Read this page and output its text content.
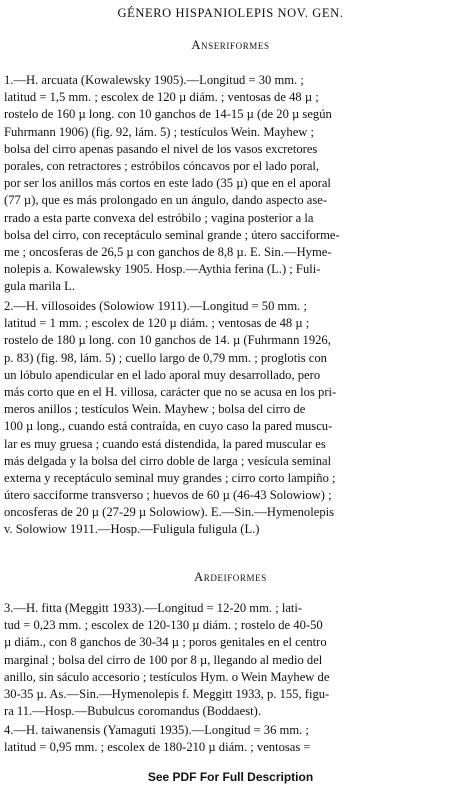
GÉNERO HISPANIOLEPIS NOV. GEN.
Anseriformes
1.—H. arcuata (Kowalewsky 1905).—Longitud = 30 mm. ;
latitud = 1,5 mm. ; escolex de 120 µ diám. ; ventosas de 48 µ ;
rostelo de 160 µ long. con 10 ganchos de 14-15 µ (de 20 µ según
Fuhrmann 1906) (fig. 92, lám. 5) ; testículos Wein. Mayhew ;
bolsa del cirro apenas pasando el nivel de los vasos excretores
porales, con retractores ; estróbilos cóncavos por el lado poral,
por ser los anillos más cortos en este lado (35 µ) que en el aporal
(77 µ), que es más prolongado en un ángulo, dando aspecto ase-
rrado a esta parte convexa del estróbilo ; vagina posterior a la
bolsa del cirro, con receptáculo seminal grande ; útero sacciforme-
me ; oncosferas de 26,5 µ con ganchos de 8,8 µ. E. Sin.—Hyme-
nolepis a. Kowalewsky 1905. Hosp.—Aythia ferina (L.) ; Fuli-
gula marila L.
2.—H. villosoides (Solowiow 1911).—Longitud = 50 mm. ;
latitud = 1 mm. ; escolex de 120 µ diám. ; ventosas de 48 µ ;
rostelo de 180 µ long. con 10 ganchos de 14. µ (Fuhrmann 1926,
p. 83) (fig. 98, lám. 5) ; cuello largo de 0,79 mm. ; proglotis con
un lóbulo apendicular en el lado aporal muy desarrollado, pero
más corto que en el H. villosa, carácter que no se acusa en los pri-
meros anillos ; testículos Wein. Mayhew ; bolsa del cirro de
100 µ long., cuando está contraída, en cuyo caso la pared muscu-
lar es muy gruesa ; cuando está distendida, la pared muscular es
más delgada y la bolsa del cirro doble de larga ; vesícula seminal
externa y receptáculo seminal muy grandes ; cirro corto lampiño ;
útero sacciforme transverso ; huevos de 60 µ (46-43 Solowiow) ;
oncosferas de 20 µ (27-29 µ Solowiow). E.—Sin.—Hymenolepis
v. Solowiow 1911.—Hosp.—Fuligula fuligula (L.)
Ardeiformes
3.—H. fitta (Meggitt 1933).—Longitud = 12-20 mm. ; lati-
tud = 0,23 mm. ; escolex de 120-130 µ diám. ; rostelo de 40-50
µ diám., con 8 ganchos de 30-34 µ ; poros genitales en el centro
marginal ; bolsa del cirro de 100 por 8 µ, llegando al medio del
anillo, sin sáculo accesorio ; testículos Hym. o Wein Mayhew de
30-35 µ. As.—Sin.—Hymenolepis f. Meggitt 1933, p. 155, figu-
ra 11.—Hosp.—Bubulcus coromandus (Boddaest).
4.—H. taiwanensis (Yamaguti 1935).—Longitud = 36 mm. ;
latitud = 0,95 mm. ; escolex de 180-210 µ diám. ; ventosas =
See PDF For Full Description
